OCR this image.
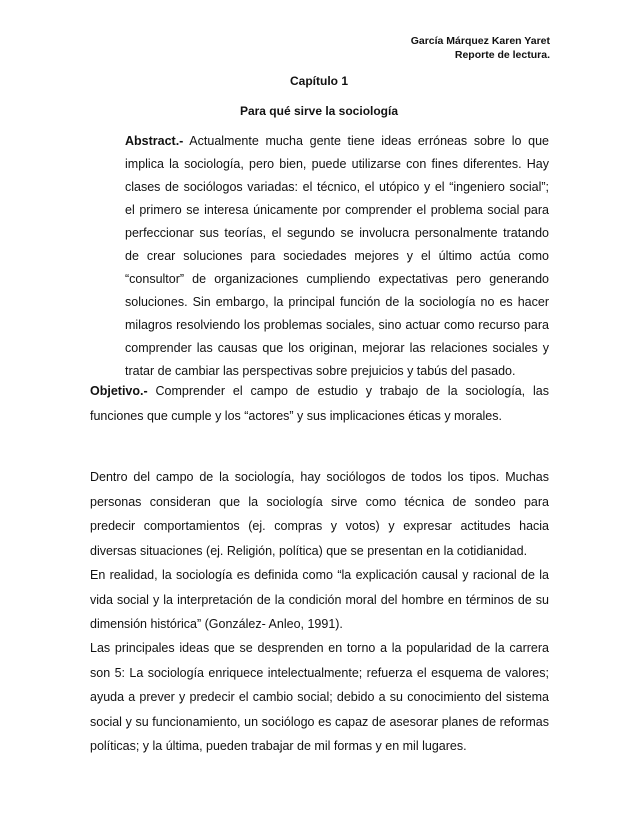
García Márquez Karen Yaret
Reporte de lectura.
Capítulo 1
Para qué sirve la sociología
Abstract.- Actualmente mucha gente tiene ideas erróneas sobre lo que implica la sociología, pero bien, puede utilizarse con fines diferentes. Hay clases de sociólogos variadas: el técnico, el utópico y el “ingeniero social”; el primero se interesa únicamente por comprender el problema social para perfeccionar sus teorías, el segundo se involucra personalmente tratando de crear soluciones para sociedades mejores y el último actúa como “consultor” de organizaciones cumpliendo expectativas pero generando soluciones. Sin embargo, la principal función de la sociología no es hacer milagros resolviendo los problemas sociales, sino actuar como recurso para comprender las causas que los originan, mejorar las relaciones sociales y tratar de cambiar las perspectivas sobre prejuicios y tabús del pasado.
Objetivo.- Comprender el campo de estudio y trabajo de la sociología, las funciones que cumple y los “actores” y sus implicaciones éticas y morales.
Dentro del campo de la sociología, hay sociólogos de todos los tipos. Muchas personas consideran que la sociología sirve como técnica de sondeo para predecir comportamientos (ej. compras y votos) y expresar actitudes hacia diversas situaciones (ej. Religión, política) que se presentan en la cotidianidad.
En realidad, la sociología es definida como “la explicación causal y racional de la vida social y la interpretación de la condición moral del hombre en términos de su dimensión histórica” (González- Anleo, 1991).
Las principales ideas que se desprenden en torno a la popularidad de la carrera son 5: La sociología enriquece intelectualmente; refuerza el esquema de valores; ayuda a prever y predecir el cambio social; debido a su conocimiento del sistema social y su funcionamiento, un sociólogo es capaz de asesorar planes de reformas políticas; y la última, pueden trabajar de mil formas y en mil lugares.
